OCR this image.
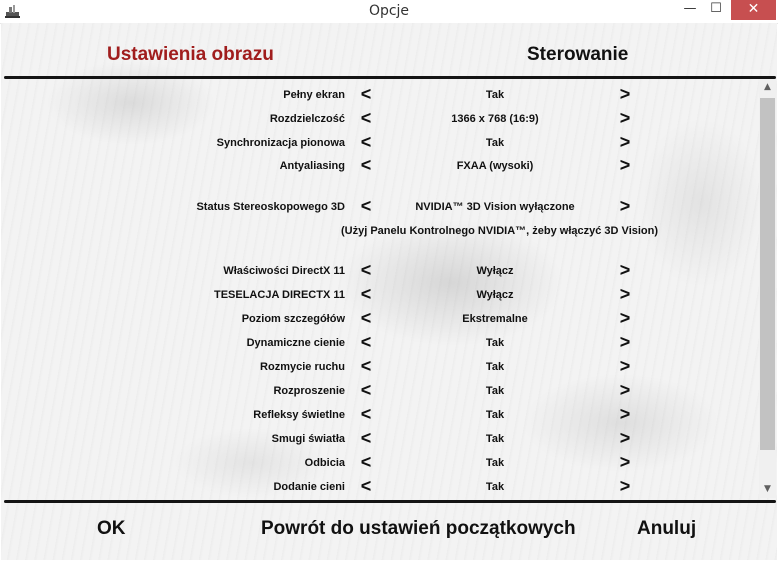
Opcje	—	☐	✕
Ustawienia obrazu	Sterowanie
Pełny ekran <	Tak	>
Rozdzielczość <	1366 x 768 (16:9)	>
Synchronizacja pionowa <	Tak	>
Antyaliasing <	FXAA (wysoki)	>
Status Stereoskopowego 3D <	NVIDIA™ 3D Vision wyłączone	>
(Użyj Panelu Kontrolnego NVIDIA™, żeby włączyć 3D Vision)
Właściwości DirectX 11 <	Wyłącz	>
TESELACJA DIRECTX 11 <	Wyłącz	>
Poziom szczegółów <	Ekstremalne	>
Dynamiczne cienie <	Tak	>
Rozmycie ruchu <	Tak	>
Rozproszenie <	Tak	>
Refleksy świetlne <	Tak	>
Smugi światła <	Tak	>
Odbicia <	Tak	>
Dodanie cieni <	Tak	>
▲
▼
OK	Powrót do ustawień początkowych	Anuluj
